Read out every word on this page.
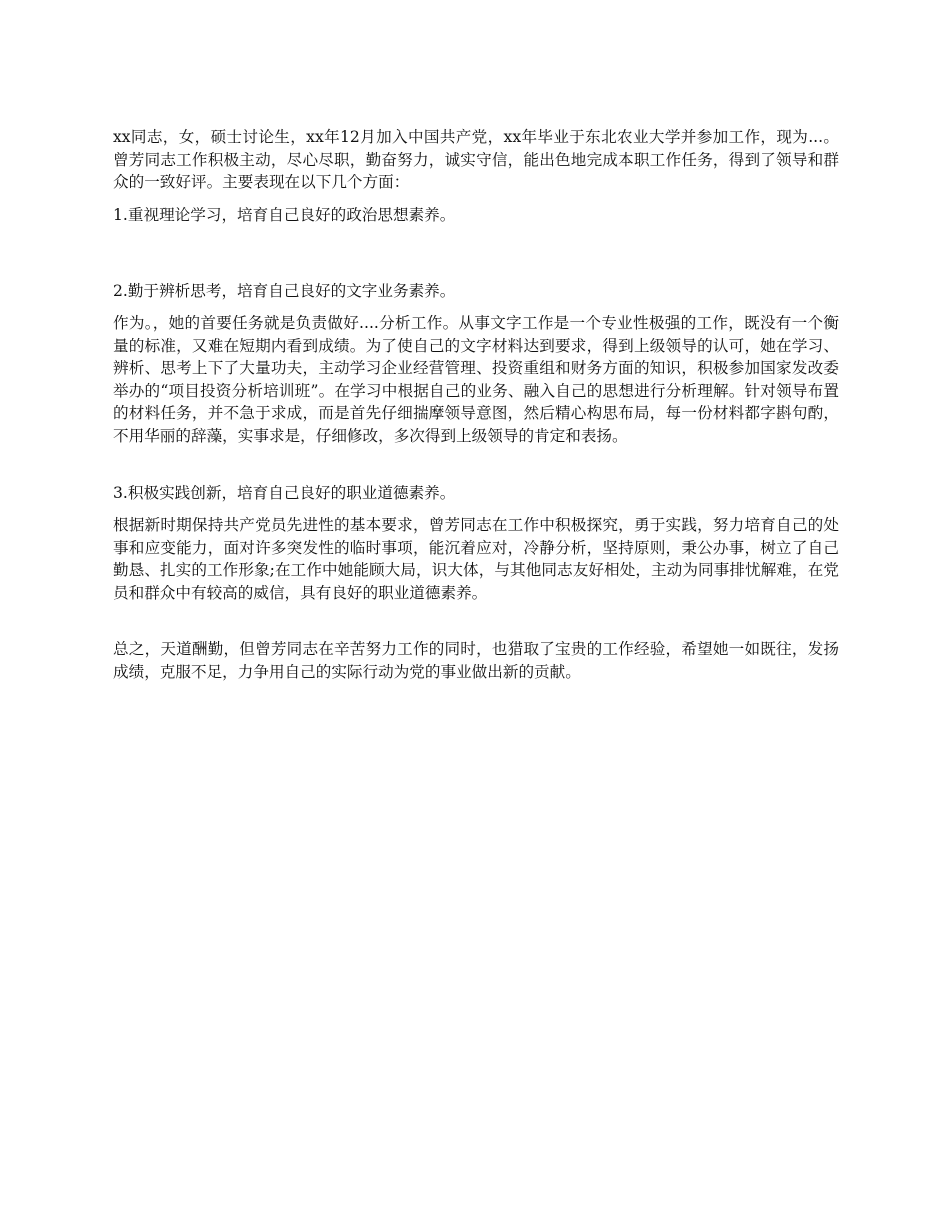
xx同志，女，硕士讨论生，xx年12月加入中国共产党，xx年毕业于东北农业大学并参加工作，现为...。曾芳同志工作积极主动，尽心尽职，勤奋努力，诚实守信，能出色地完成本职工作任务，得到了领导和群众的一致好评。主要表现在以下几个方面：

1.重视理论学习，培育自己良好的政治思想素养。

2.勤于辨析思考，培育自己良好的文字业务素养。

作为。，她的首要任务就是负责做好....分析工作。从事文字工作是一个专业性极强的工作，既没有一个衡量的标准，又难在短期内看到成绩。为了使自己的文字材料达到要求，得到上级领导的认可，她在学习、辨析、思考上下了大量功夫，主动学习企业经营管理、投资重组和财务方面的知识，积极参加国家发改委举办的“项目投资分析培训班”。在学习中根据自己的业务、融入自己的思想进行分析理解。针对领导布置的材料任务，并不急于求成，而是首先仔细揣摩领导意图，然后精心构思布局，每一份材料都字斟句酌，不用华丽的辞藻，实事求是，仔细修改，多次得到上级领导的肯定和表扬。

3.积极实践创新，培育自己良好的职业道德素养。

根据新时期保持共产党员先进性的基本要求，曾芳同志在工作中积极探究，勇于实践，努力培育自己的处事和应变能力，面对许多突发性的临时事项，能沉着应对，冷静分析，坚持原则，秉公办事，树立了自己勤恳、扎实的工作形象;在工作中她能顾大局，识大体，与其他同志友好相处，主动为同事排忧解难，在党员和群众中有较高的威信，具有良好的职业道德素养。

总之，天道酬勤，但曾芳同志在辛苦努力工作的同时，也猎取了宝贵的工作经验，希望她一如既往，发扬成绩，克服不足，力争用自己的实际行动为党的事业做出新的贡献。
